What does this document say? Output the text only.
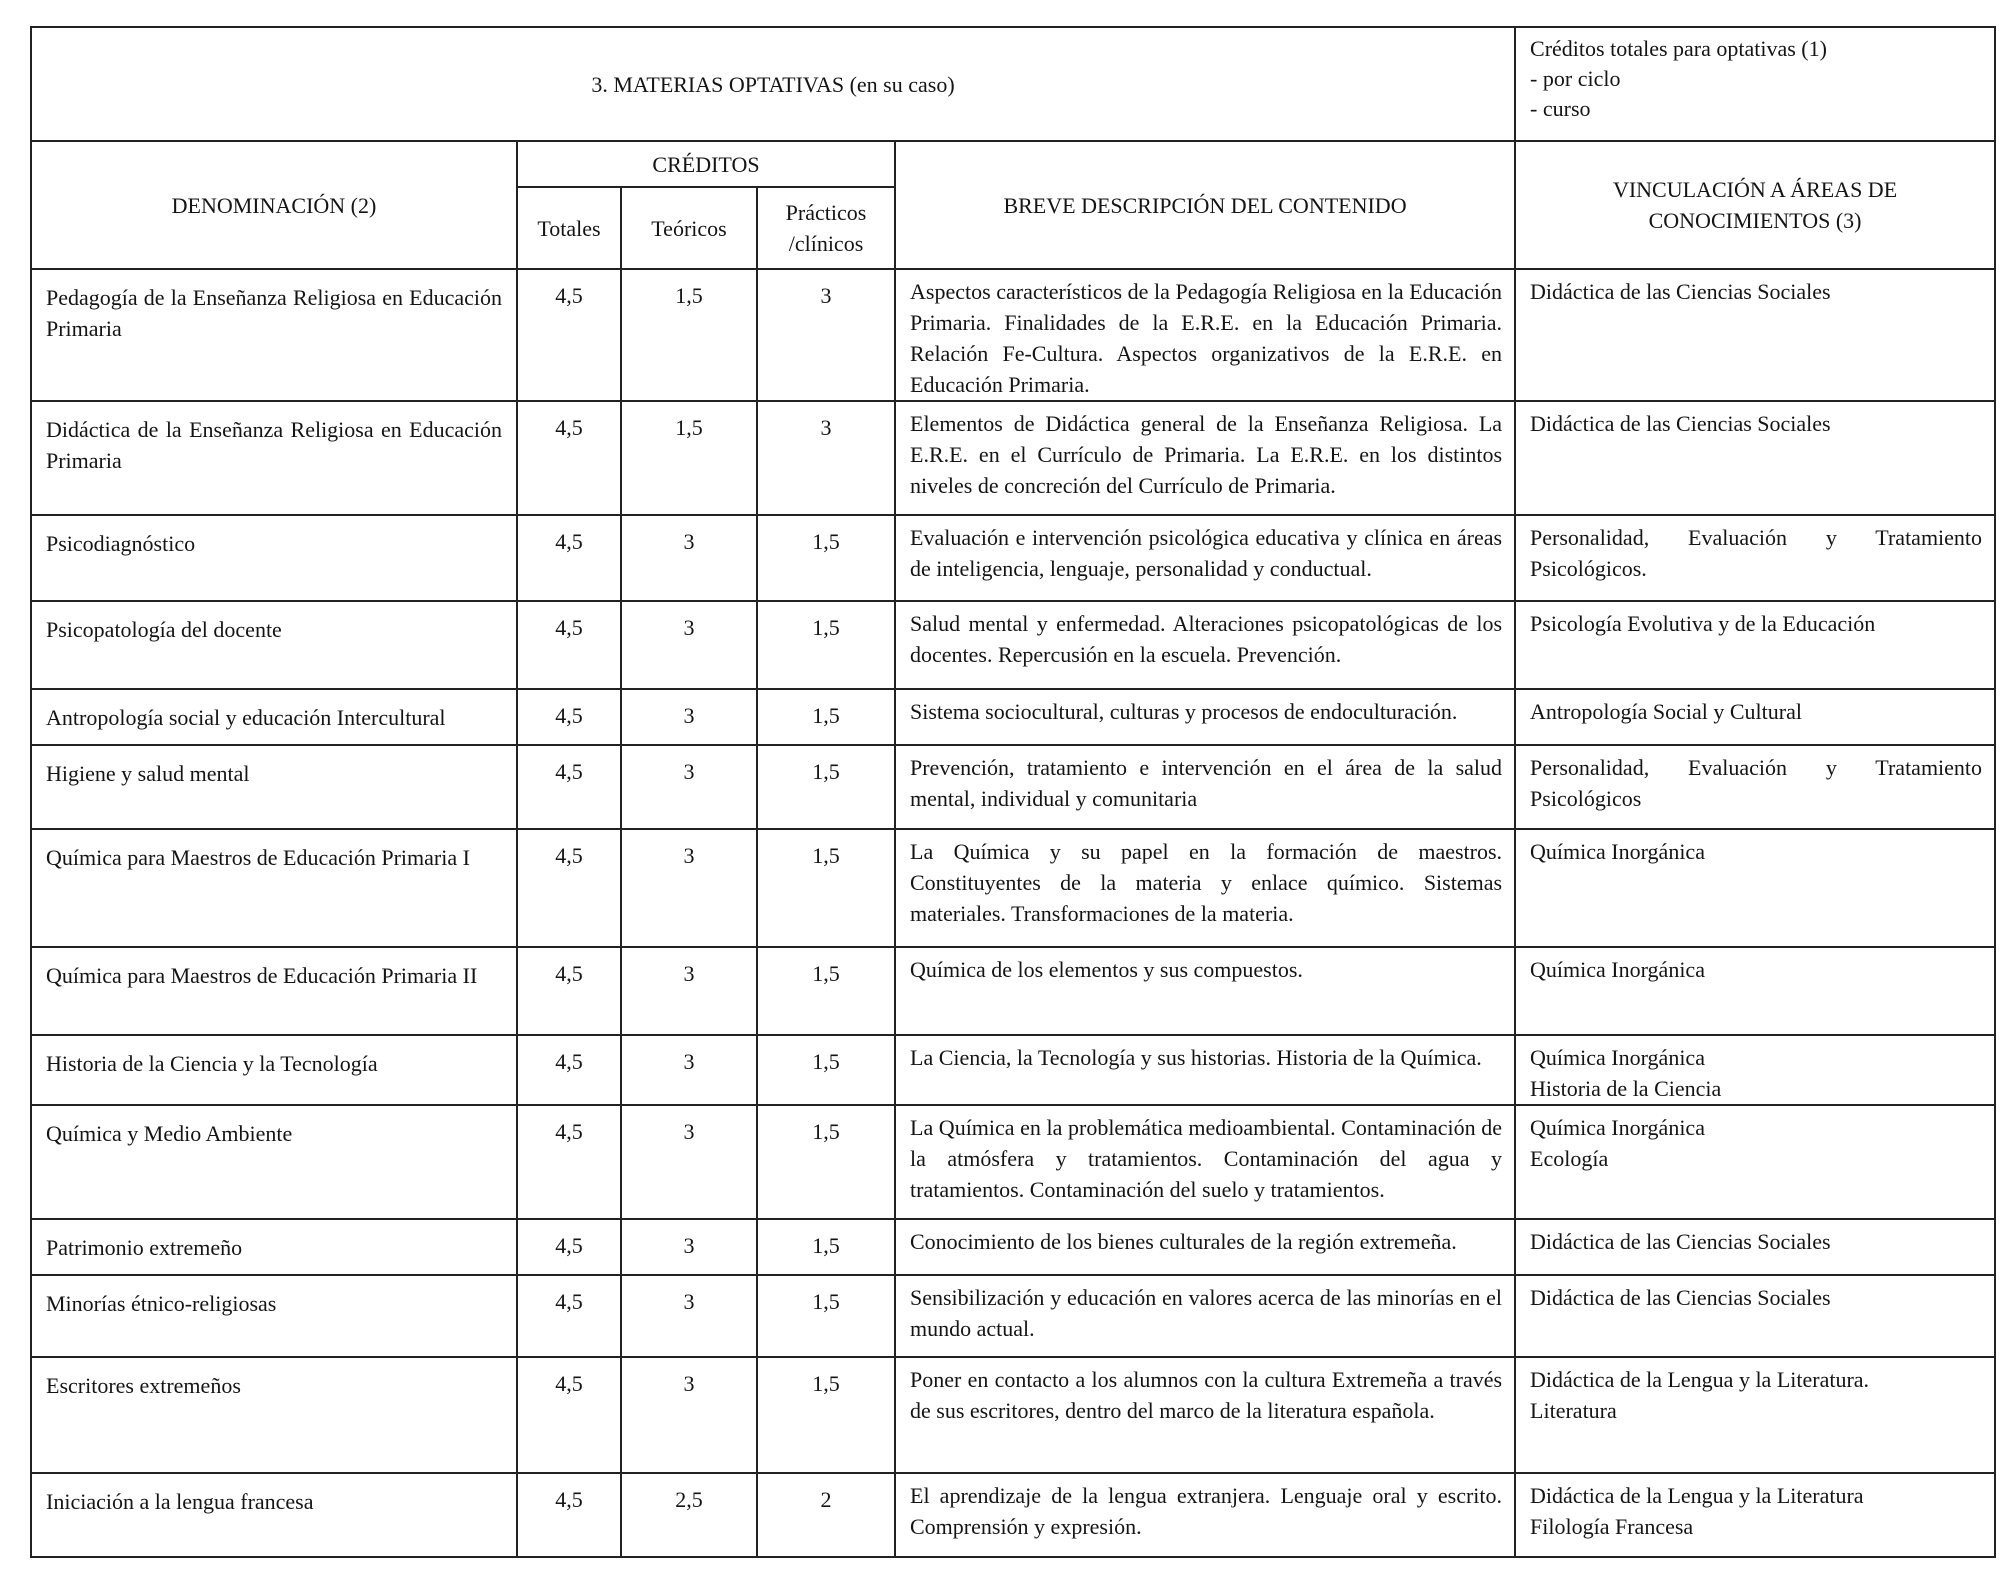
3. MATERIAS OPTATIVAS (en su caso)					Créditos totales para optativas (1)
- por ciclo
- curso

DENOMINACIÓN (2)	CRÉDITOS			BREVE DESCRIPCIÓN DEL CONTENIDO	VINCULACIÓN A ÁREAS DE CONOCIMIENTOS (3)
	Totales	Teóricos	Prácticos
/clínicos		

Pedagogía de la Enseñanza Religiosa en Educación Primaria	4,5	1,5	3	Aspectos característicos de la Pedagogía Religiosa en la Educación Primaria. Finalidades de la E.R.E. en la Educación Primaria. Relación Fe-Cultura. Aspectos organizativos de la E.R.E. en Educación Primaria.	Didáctica de las Ciencias Sociales

Didáctica de la Enseñanza Religiosa en Educación Primaria	4,5	1,5	3	Elementos de Didáctica general de la Enseñanza Religiosa. La E.R.E. en el Currículo de Primaria. La E.R.E. en los distintos niveles de concreción del Currículo de Primaria.	Didáctica de las Ciencias Sociales

Psicodiagnóstico	4,5	3	1,5	Evaluación e intervención psicológica educativa y clínica en áreas de inteligencia, lenguaje, personalidad y conductual.	Personalidad, Evaluación y Tratamiento Psicológicos.

Psicopatología del docente	4,5	3	1,5	Salud mental y enfermedad. Alteraciones psicopatológicas de los docentes. Repercusión en la escuela. Prevención.	Psicología Evolutiva y de la Educación

Antropología social y educación Intercultural	4,5	3	1,5	Sistema sociocultural, culturas y procesos de endoculturación.	Antropología Social y Cultural

Higiene y salud mental	4,5	3	1,5	Prevención, tratamiento e intervención en el área de la salud mental, individual y comunitaria	Personalidad, Evaluación y Tratamiento Psicológicos

Química para Maestros de Educación Primaria I	4,5	3	1,5	La Química y su papel en la formación de maestros. Constituyentes de la materia y enlace químico. Sistemas materiales. Transformaciones de la materia.	Química Inorgánica

Química para Maestros de Educación Primaria II	4,5	3	1,5	Química de los elementos y sus compuestos.	Química Inorgánica

Historia de la Ciencia y la Tecnología	4,5	3	1,5	La Ciencia, la Tecnología y sus historias. Historia de la Química.	Química Inorgánica
Historia de la Ciencia

Química y Medio Ambiente	4,5	3	1,5	La Química en la problemática medioambiental. Contaminación de la atmósfera y tratamientos. Contaminación del agua y tratamientos. Contaminación del suelo y tratamientos.	Química Inorgánica
Ecología

Patrimonio extremeño	4,5	3	1,5	Conocimiento de los bienes culturales de la región extremeña.	Didáctica de las Ciencias Sociales

Minorías étnico-religiosas	4,5	3	1,5	Sensibilización y educación en valores acerca de las minorías en el mundo actual.	Didáctica de las Ciencias Sociales

Escritores extremeños	4,5	3	1,5	Poner en contacto a los alumnos con la cultura Extremeña a través de sus escritores, dentro del marco de la literatura española.	Didáctica de la Lengua y la Literatura.
Literatura

Iniciación a la lengua francesa	4,5	2,5	2	El aprendizaje de la lengua extranjera. Lenguaje oral y escrito. Comprensión y expresión.	Didáctica de la Lengua y la Literatura
Filología Francesa
